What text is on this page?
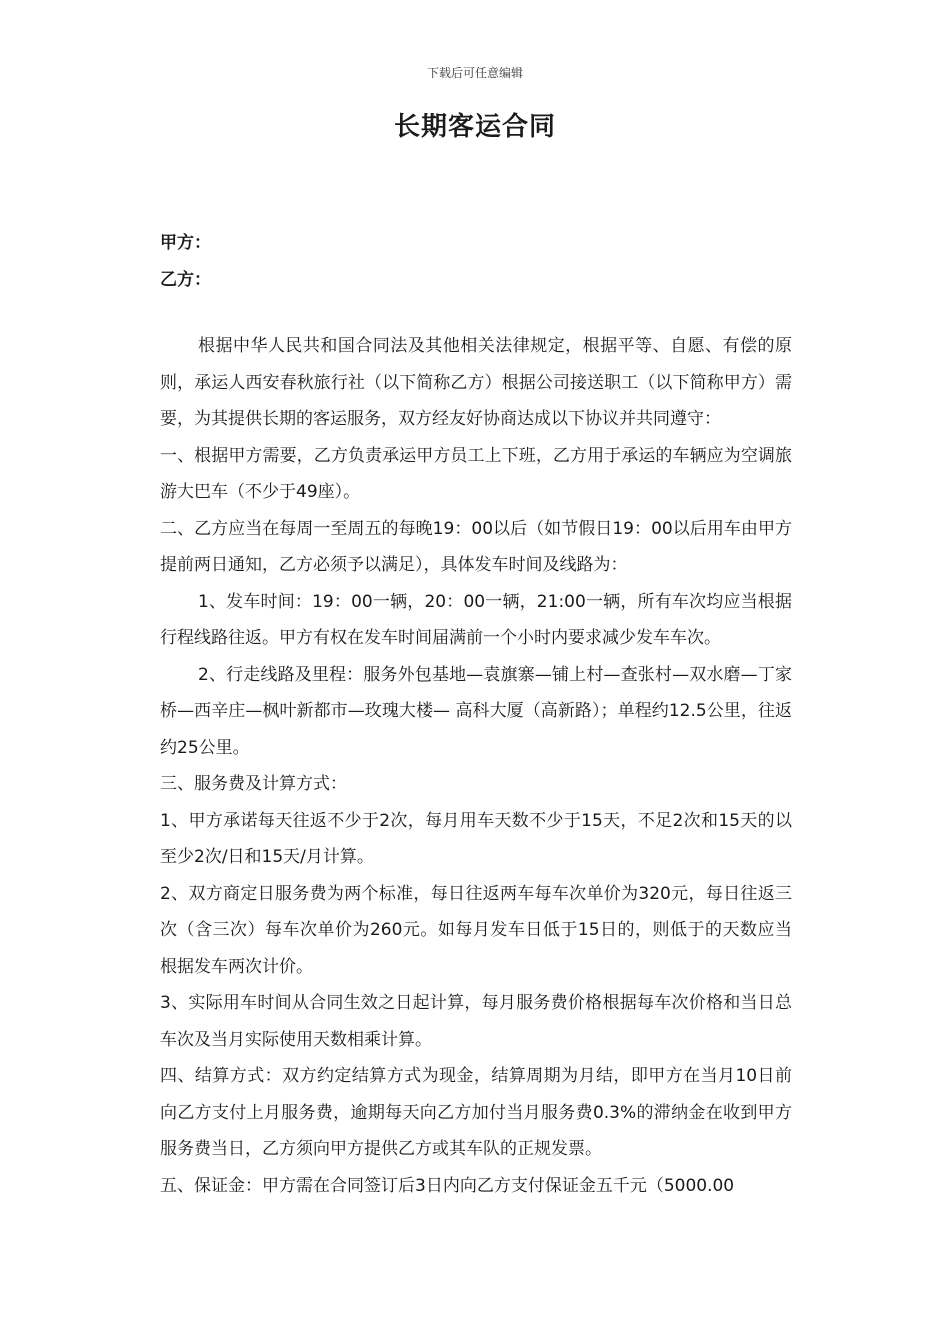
下载后可任意编辑
长期客运合同
甲方：
乙方：

根据中华人民共和国合同法及其他相关法律规定，根据平等、自愿、有偿的原则，承运人西安春秋旅行社（以下简称乙方）根据公司接送职工（以下简称甲方）需要，为其提供长期的客运服务，双方经友好协商达成以下协议并共同遵守：

一、根据甲方需要，乙方负责承运甲方员工上下班，乙方用于承运的车辆应为空调旅游大巴车（不少于49座）。

二、乙方应当在每周一至周五的每晚19：00以后（如节假日19：00以后用车由甲方提前两日通知，乙方必须予以满足），具体发车时间及线路为：

1、发车时间：19：00一辆，20：00一辆，21:00一辆，所有车次均应当根据行程线路往返。甲方有权在发车时间届满前一个小时内要求减少发车车次。

2、行走线路及里程：服务外包基地—袁旗寨—铺上村—查张村—双水磨—丁家桥—西辛庄—枫叶新都市—玫瑰大楼— 高科大厦（高新路）；单程约12.5公里，往返约25公里。

三、服务费及计算方式：

1、甲方承诺每天往返不少于2次，每月用车天数不少于15天，不足2次和15天的以至少2次/日和15天/月计算。

2、双方商定日服务费为两个标准，每日往返两车每车次单价为320元，每日往返三次（含三次）每车次单价为260元。如每月发车日低于15日的，则低于的天数应当根据发车两次计价。

3、实际用车时间从合同生效之日起计算，每月服务费价格根据每车次价格和当日总车次及当月实际使用天数相乘计算。

四、结算方式：双方约定结算方式为现金，结算周期为月结，即甲方在当月10日前向乙方支付上月服务费，逾期每天向乙方加付当月服务费0.3%的滞纳金在收到甲方服务费当日，乙方须向甲方提供乙方或其车队的正规发票。

五、保证金：甲方需在合同签订后3日内向乙方支付保证金五千元（5000.00
